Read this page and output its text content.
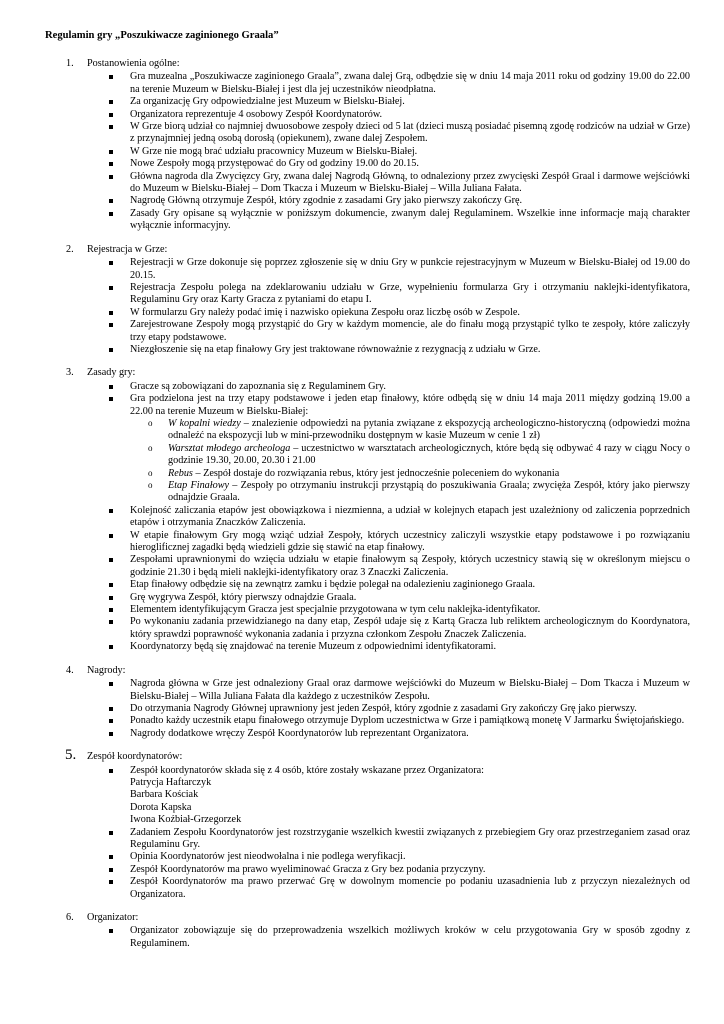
Regulamin gry „Poszukiwacze zaginionego Graala”
1. Postanowienia ogólne:
Gra muzealna „Poszukiwacze zaginionego Graala”, zwana dalej Grą, odbędzie się w dniu 14 maja 2011 roku od godziny 19.00 do 22.00 na terenie Muzeum w Bielsku-Białej i jest dla jej uczestników nieodpłatna.
Za organizację Gry odpowiedzialne jest Muzeum w Bielsku-Białej.
Organizatora reprezentuje 4 osobowy Zespół Koordynatorów.
W Grze biorą udział co najmniej dwuosobowe zespoły dzieci od 5 lat (dzieci muszą posiadać pisemną zgodę rodziców na udział w Grze) z przynajmniej jedną osobą dorosłą (opiekunem), zwane dalej Zespołem.
W Grze nie mogą brać udziału pracownicy Muzeum w Bielsku-Białej.
Nowe Zespoły mogą przystępować do Gry od godziny 19.00 do 20.15.
Główna nagroda dla Zwycięzcy Gry, zwana dalej Nagrodą Główną, to odnaleziony przez zwycięski Zespół Graal i darmowe wejściówki do Muzeum w Bielsku-Białej – Dom Tkacza i Muzeum w Bielsku-Białej – Willa Juliana Fałata.
Nagrodę Główną otrzymuje Zespół, który zgodnie z zasadami Gry jako pierwszy zakończy Grę.
Zasady Gry opisane są wyłącznie w poniższym dokumencie, zwanym dalej Regulaminem. Wszelkie inne informacje mają charakter wyłącznie informacyjny.
2. Rejestracja w Grze:
Rejestracji w Grze dokonuje się poprzez zgłoszenie się w dniu Gry w punkcie rejestracyjnym w Muzeum w Bielsku-Białej od 19.00 do 20.15.
Rejestracja Zespołu polega na zdeklarowaniu udziału w Grze, wypełnieniu formularza Gry i otrzymaniu naklejki-identyfikatora, Regulaminu Gry oraz Karty Gracza z pytaniami do etapu I.
W formularzu Gry należy podać imię i nazwisko opiekuna Zespołu oraz liczbę osób w Zespole.
Zarejestrowane Zespoły mogą przystąpić do Gry w każdym momencie, ale do finału mogą przystąpić tylko te zespoły, które zaliczyły trzy etapy podstawowe.
Niezgłoszenie się na etap finałowy Gry jest traktowane równoważnie z rezygnacją z udziału w Grze.
3. Zasady gry:
Gracze są zobowiązani do zapoznania się z Regulaminem Gry.
Gra podzielona jest na trzy etapy podstawowe i jeden etap finałowy, które odbędą się w dniu 14 maja 2011 między godziną 19.00 a 22.00 na terenie Muzeum w Bielsku-Białej:
o W kopalni wiedzy – znalezienie odpowiedzi na pytania związane z ekspozycją archeologiczno-historyczną (odpowiedzi można odnaleźć na ekspozycji lub w mini-przewodniku dostępnym w kasie Muzeum w cenie 1 zł)
o Warsztat młodego archeologa – uczestnictwo w warsztatach archeologicznych, które będą się odbywać 4 razy w ciągu Nocy o godzinie 19.30, 20.00, 20.30 i 21.00
o Rebus – Zespół dostaje do rozwiązania rebus, który jest jednocześnie poleceniem do wykonania
o Etap Finałowy – Zespoły po otrzymaniu instrukcji przystąpią do poszukiwania Graala; zwycięża Zespół, który jako pierwszy odnajdzie Graala.
Kolejność zaliczania etapów jest obowiązkowa i niezmienna, a udział w kolejnych etapach jest uzależniony od zaliczenia poprzednich etapów i otrzymania Znaczków Zaliczenia.
W etapie finałowym Gry mogą wziąć udział Zespoły, których uczestnicy zaliczyli wszystkie etapy podstawowe i po rozwiązaniu hieroglificznej zagadki będą wiedzieli gdzie się stawić na etap finałowy.
Zespołami uprawnionymi do wzięcia udziału w etapie finałowym są Zespoły, których uczestnicy stawią się w określonym miejscu o godzinie 21.30 i będą mieli naklejki-identyfikatory oraz 3 Znaczki Zaliczenia.
Etap finałowy odbędzie się na zewnątrz zamku i będzie polegał na odalezieniu zaginionego Graala.
Grę wygrywa Zespół, który pierwszy odnajdzie Graala.
Elementem identyfikującym Gracza jest specjalnie przygotowana w tym celu naklejka-identyfikator.
Po wykonaniu zadania przewidzianego na dany etap, Zespół udaje się z Kartą Gracza lub reliktem archeologicznym do Koordynatora, który sprawdzi poprawność wykonania zadania i przyzna członkom Zespołu Znaczek Zaliczenia.
Koordynatorzy będą się znajdować na terenie Muzeum z odpowiednimi identyfikatorami.
4. Nagrody:
Nagroda główna w Grze jest odnaleziony Graal oraz darmowe wejściówki do Muzeum w Bielsku-Białej – Dom Tkacza i Muzeum w Bielsku-Białej – Willa Juliana Fałata dla każdego z uczestników Zespołu.
Do otrzymania Nagrody Głównej uprawniony jest jeden Zespół, który zgodnie z zasadami Gry zakończy Grę jako pierwszy.
Ponadto każdy uczestnik etapu finałowego otrzymuje Dyplom uczestnictwa w Grze i pamiątkową monetę V Jarmarku Świętojańskiego.
Nagrody dodatkowe wręczy Zespół Koordynatorów lub reprezentant Organizatora.
5. Zespół koordynatorów:
Zespół koordynatorów składa się z 4 osób, które zostały wskazane przez Organizatora:
Patrycja Haftarczyk
Barbara Kościak
Dorota Kapska
Iwona Koźbiał-Grzegorzek
Zadaniem Zespołu Koordynatorów jest rozstrzyganie wszelkich kwestii związanych z przebiegiem Gry oraz przestrzeganiem zasad oraz Regulaminu Gry.
Opinia Koordynatorów jest nieodwołalna i nie podlega weryfikacji.
Zespół Koordynatorów ma prawo wyeliminować Gracza z Gry bez podania przyczyny.
Zespół Koordynatorów ma prawo przerwać Grę w dowolnym momencie po podaniu uzasadnienia lub z przyczyn niezależnych od Organizatora.
6. Organizator:
Organizator zobowiązuje się do przeprowadzenia wszelkich możliwych kroków w celu przygotowania Gry w sposób zgodny z Regulaminem.
